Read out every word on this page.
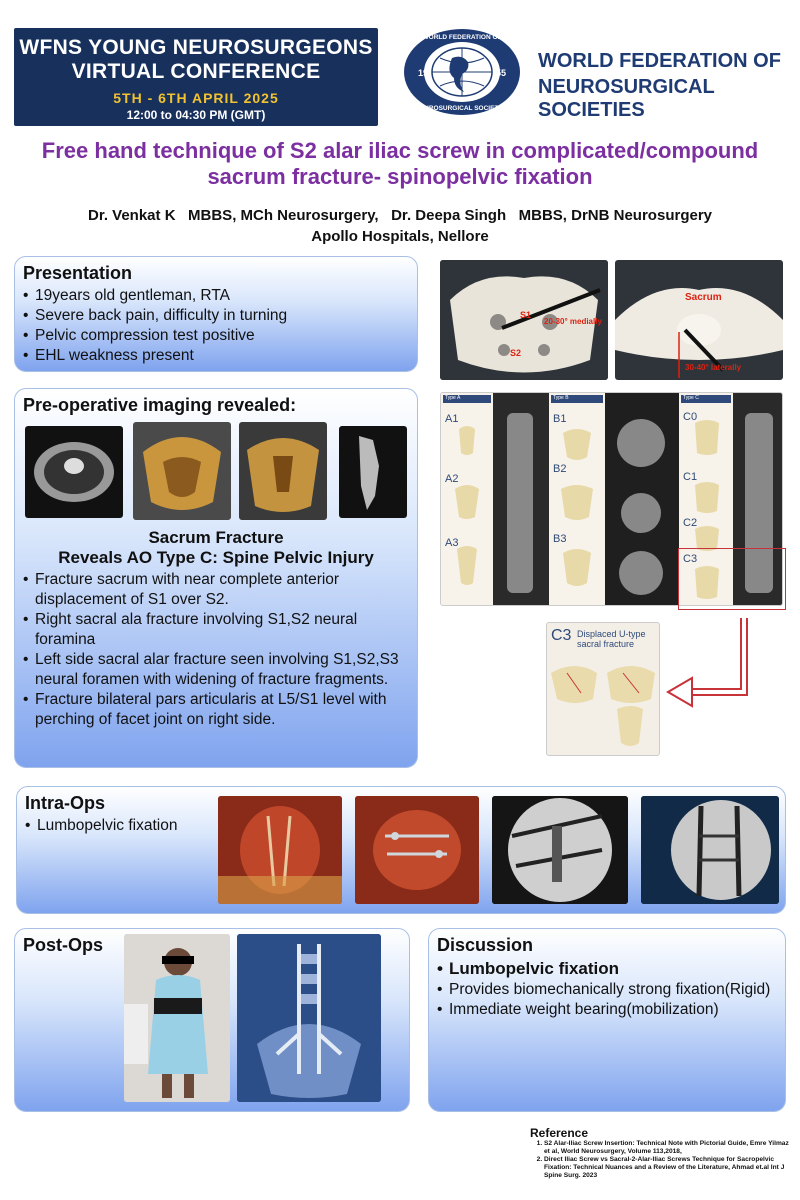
WFNS YOUNG NEUROSURGEONS
VIRTUAL CONFERENCE
5TH - 6TH APRIL 2025
12:00 to 04:30 PM (GMT)
19	55
WORLD FEDERATION OF
NEUROSURGICAL SOCIETIES
WORLD FEDERATION OF
NEUROSURGICAL SOCIETIES
Free hand technique of S2 alar iliac screw in complicated/compound sacrum fracture- spinopelvic fixation
Dr. Venkat K   MBBS, MCh Neurosurgery,   Dr. Deepa Singh   MBBS, DrNB Neurosurgery
Apollo Hospitals, Nellore
Presentation
• 19years old gentleman, RTA
• Severe back pain, difficulty in turning
• Pelvic compression test positive
• EHL weakness present
S1
S2
20-30° medially
Sacrum
30-40° laterally
Pre-operative imaging revealed:
Sacrum Fracture
Reveals AO Type C: Spine Pelvic Injury
• Fracture sacrum with near complete anterior displacement of S1 over S2.
• Right sacral ala fracture involving S1,S2 neural foramina
• Left side sacral alar fracture seen involving S1,S2,S3 neural foramen with widening of fracture fragments.
• Fracture bilateral pars articularis at L5/S1 level with perching of facet joint on right side.
Type A	Type B	Type C
A1
A2
A3
B1
B2
B3
C0
C1
C2
C3
C3 Displaced U-type sacral fracture
Intra-Ops
• Lumbopelvic fixation
Post-Ops	Discussion
• Lumbopelvic fixation
• Provides biomechanically strong fixation(Rigid)
• Immediate weight bearing(mobilization)
Reference
1. S2 Alar-Iliac Screw Insertion: Technical Note with Pictorial Guide, Emre Yilmaz et al, World Neurosurgery, Volume 113,2018,
2. Direct Iliac Screw vs Sacral-2-Alar-Iliac Screws Technique for Sacropelvic Fixation: Technical Nuances and a Review of the Literature, Ahmad et.al Int J Spine Surg. 2023
